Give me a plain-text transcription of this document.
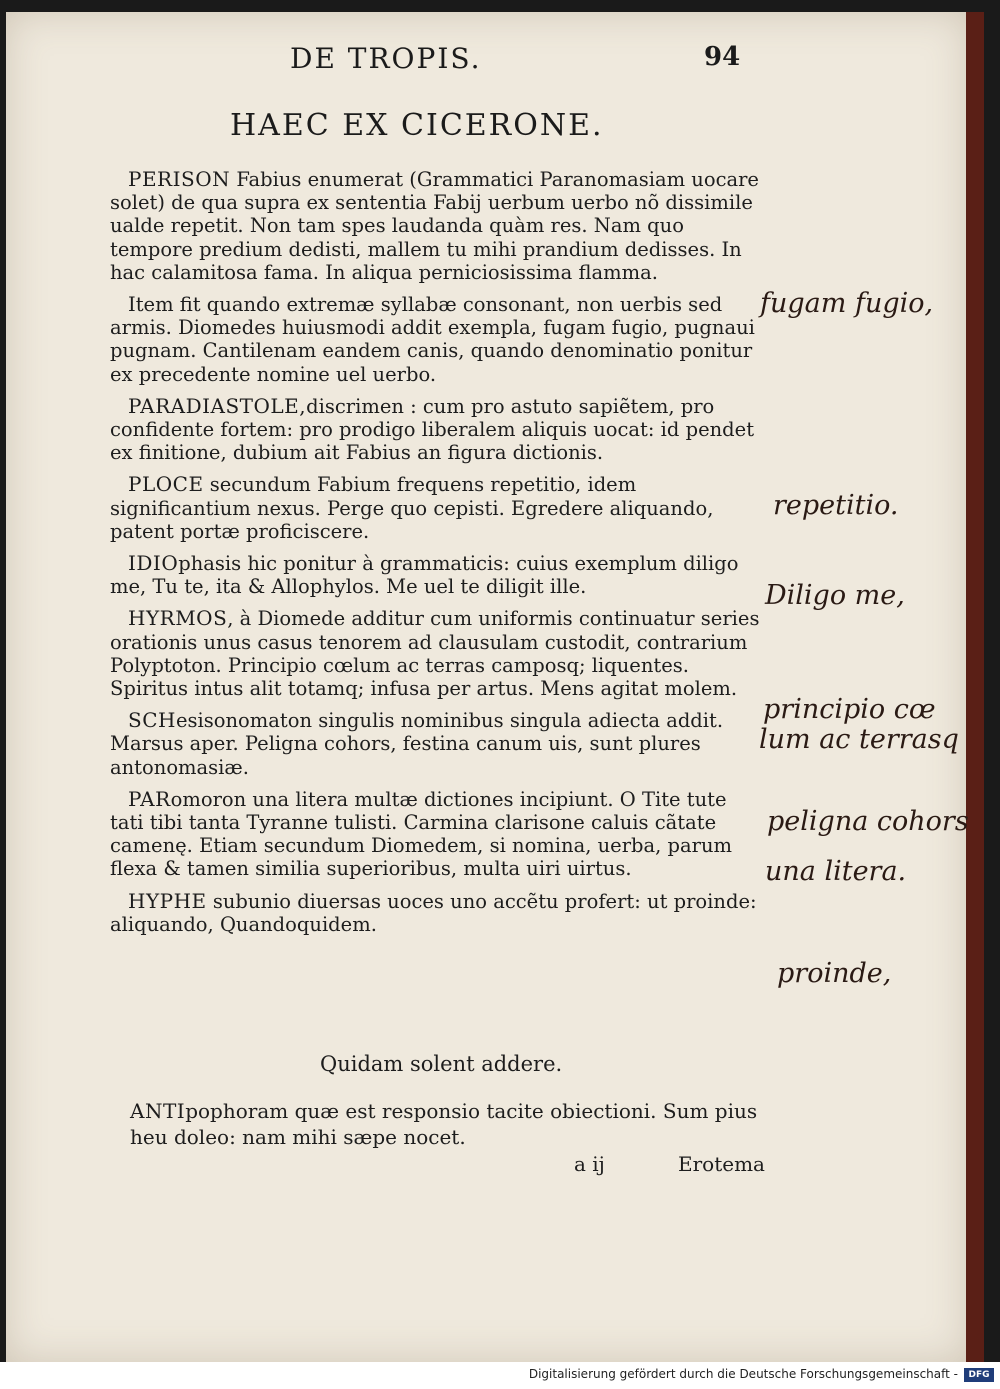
DE TROPIS.	94
HAEC EX CICERONE.

PERISON Fabius enumerat (Grammatici Paranomasiam uocare solet) de qua supra ex sententia Fabij uerbum uerbo nõ dissimile ualde repetit. Non tam spes laudanda quàm res. Nam quo tempore predium dedisti, mallem tu mihi prandium dedisses. In hac calamitosa fama. In aliqua perniciosissima flamma.

Item fit quando extremæ syllabæ consonant, non uerbis sed armis. Diomedes huiusmodi addit exempla, fugam fugio, pugnaui pugnam. Cantilenam eandem canis, quando denominatio ponitur ex precedente nomine uel uerbo.

PARADIASTOLE,discrimen : cum pro astuto sapiẽtem, pro confidente fortem: pro prodigo liberalem aliquis uocat: id pendet ex finitione, dubium ait Fabius an figura dictionis.

PLOCE secundum Fabium frequens repetitio, idem significantium nexus. Perge quo cepisti. Egredere aliquando, patent portæ proficiscere.

IDIOphasis hic ponitur à grammaticis: cuius exemplum diligo me, Tu te, ita & Allophylos. Me uel te diligit ille.

HYRMOS, à Diomede additur cum uniformis continuatur series orationis unus casus tenorem ad clausulam custodit, contrarium Polyptoton. Principio cœlum ac terras camposq; liquentes. Spiritus intus alit totamq; infusa per artus. Mens agitat molem.

SCHesisonomaton singulis nominibus singula adiecta addit. Marsus aper. Peligna cohors, festina canum uis, sunt plures antonomasiæ.

PARomoron una litera multæ dictiones incipiunt. O Tite tute tati tibi tanta Tyranne tulisti. Carmina clarisone caluis cãtate camenę. Etiam secundum Diomedem, si nomina, uerba, parum flexa & tamen similia superioribus, multa uiri uirtus.

HYPHE subunio diuersas uoces uno accẽtu profert: ut proinde: aliquando, Quandoquidem.

Quidam solent addere.
ANTIpophoram quæ est responsio tacite obiectioni. Sum pius heu doleo: nam mihi sæpe nocet.
a ij	Erotema
fugam fugio,
repetitio.
Diligo me,
principio cœ
lum ac terrasq
peligna cohors
una litera.
proinde,
Digitalisierung gefördert durch die Deutsche Forschungsgemeinschaft -	DFG
